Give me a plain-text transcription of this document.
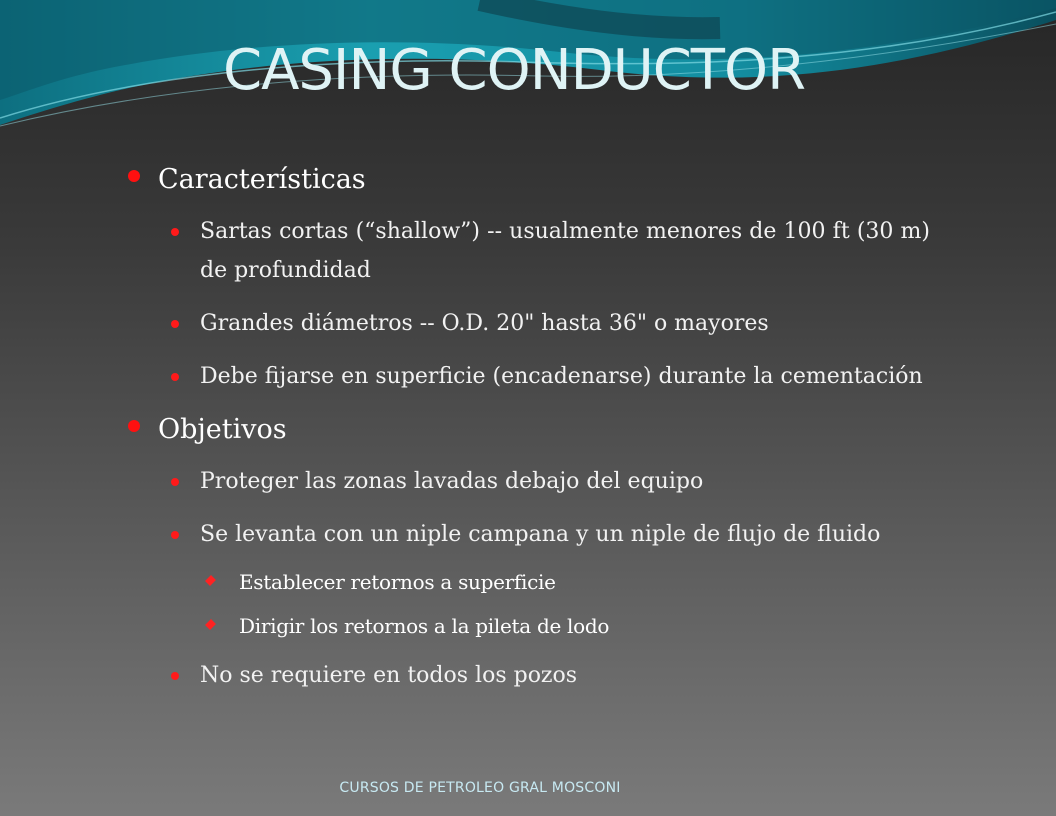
CASING CONDUCTOR
Características
Sartas cortas (“shallow”) -- usualmente menores de 100 ft (30 m) de profundidad
Grandes diámetros -- O.D. 20" hasta 36" o mayores
Debe fijarse en superficie (encadenarse) durante la cementación
Objetivos
Proteger las zonas lavadas debajo del equipo
Se levanta con un niple campana y un niple de flujo de fluido
Establecer retornos a superficie
Dirigir los retornos a la pileta de lodo
No se requiere en todos los pozos
CURSOS DE PETROLEO GRAL MOSCONI
